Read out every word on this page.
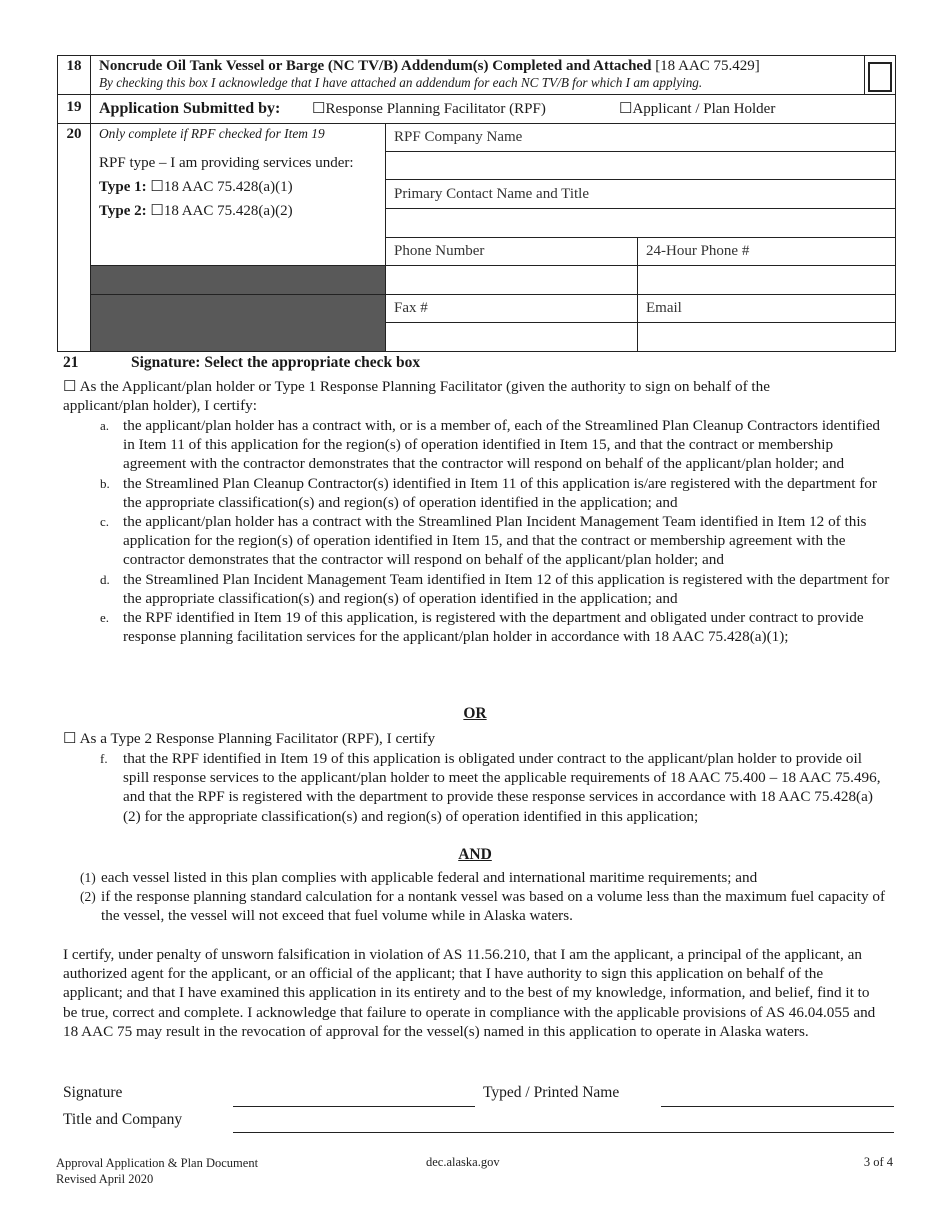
18	Noncrude Oil Tank Vessel or Barge (NC TV/B) Addendum(s) Completed and Attached [18 AAC 75.429]
By checking this box I acknowledge that I have attached an addendum for each NC TV/B for which I am applying.		

19	Application Submitted by: ☐Response Planning Facilitator (RPF) ☐Applicant / Plan Holder		

20	Only complete if RPF checked for Item 19
RPF type – I am providing services under:
Type 1: ☐18 AAC 75.428(a)(1)
Type 2: ☐18 AAC 75.428(a)(2)	RPF Company Name	

		Primary Contact Name and Title	

		Phone Number	24-Hour Phone #

		Fax #	Email

21	Signature: Select the appropriate check box
☐ As the Applicant/plan holder or Type 1 Response Planning Facilitator (given the authority to sign on behalf of the
applicant/plan holder), I certify:
a. the applicant/plan holder has a contract with, or is a member of, each of the Streamlined Plan Cleanup Contractors identified in Item 11 of this application for the region(s) of operation identified in Item 15, and that the contract or membership agreement with the contractor demonstrates that the contractor will respond on behalf of the applicant/plan holder; and
b. the Streamlined Plan Cleanup Contractor(s) identified in Item 11 of this application is/are registered with the department for the appropriate classification(s) and region(s) of operation identified in the application; and
c. the applicant/plan holder has a contract with the Streamlined Plan Incident Management Team identified in Item 12 of this application for the region(s) of operation identified in Item 15, and that the contract or membership agreement with the contractor demonstrates that the contractor will respond on behalf of the applicant/plan holder; and
d. the Streamlined Plan Incident Management Team identified in Item 12 of this application is registered with the department for the appropriate classification(s) and region(s) of operation identified in the application; and
e. the RPF identified in Item 19 of this application, is registered with the department and obligated under contract to provide response planning facilitation services for the applicant/plan holder in accordance with 18 AAC 75.428(a)(1);
OR
☐ As a Type 2 Response Planning Facilitator (RPF), I certify
f. that the RPF identified in Item 19 of this application is obligated under contract to the applicant/plan holder to provide oil spill response services to the applicant/plan holder to meet the applicable requirements of 18 AAC 75.400 – 18 AAC 75.496, and that the RPF is registered with the department to provide these response services in accordance with 18 AAC 75.428(a)(2) for the appropriate classification(s) and region(s) of operation identified in this application;
AND
(1) each vessel listed in this plan complies with applicable federal and international maritime requirements; and
(2) if the response planning standard calculation for a nontank vessel was based on a volume less than the maximum fuel capacity of the vessel, the vessel will not exceed that fuel volume while in Alaska waters.
I certify, under penalty of unsworn falsification in violation of AS 11.56.210, that I am the applicant, a principal of the applicant, an authorized agent for the applicant, or an official of the applicant; that I have authority to sign this application on behalf of the applicant; and that I have examined this application in its entirety and to the best of my knowledge, information, and belief, find it to be true, correct and complete. I acknowledge that failure to operate in compliance with the applicable provisions of AS 46.04.055 and 18 AAC 75 may result in the revocation of approval for the vessel(s) named in this application to operate in Alaska waters.
Signature	Typed / Printed Name
Title and Company
Approval Application & Plan Document
Revised April 2020
dec.alaska.gov	3 of 4
